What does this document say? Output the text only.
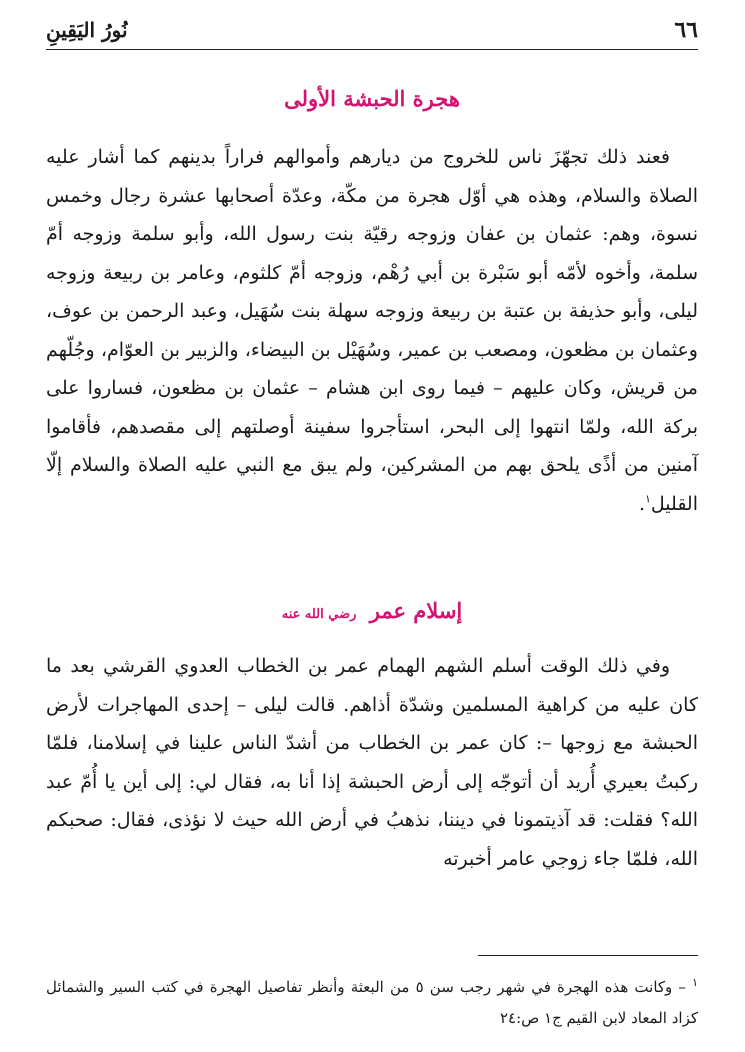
٦٦
نُورُ اليَقِينِ
هجرة الحبشة الأولى

فعند ذلك تجهّزَ ناس للخروج من ديارهم وأموالهم فراراً بدينهم كما أشار عليه الصلاة والسلام، وهذه هي أوّل هجرة من مكّة، وعدّة أصحابها عشرة رجال وخمس نسوة، وهم: عثمان بن عفان وزوجه رقيّة بنت رسول الله، وأبو سلمة وزوجه أمّ سلمة، وأخوه لأمّه أبو سَبْرة بن أبي رُهْم، وزوجه أمّ كلثوم، وعامر بن ربيعة وزوجه ليلى، وأبو حذيفة بن عتبة بن ربيعة وزوجه سهلة بنت سُهَيل، وعبد الرحمن بن عوف، وعثمان بن مظعون، ومصعب بن عمير، وسُهَيْل بن البيضاء، والزبير بن العوّام، وجُلّهم من قريش، وكان عليهم – فيما روى ابن هشام – عثمان بن مظعون، فساروا على بركة الله، ولمّا انتهوا إلى البحر، استأجروا سفينة أوصلتهم إلى مقصدهم، فأقاموا آمنين من أذًى يلحق بهم من المشركين، ولم يبق مع النبي عليه الصلاة والسلام إلّا القليل$^١$.

إسلام عمر رضي الله عنه

وفي ذلك الوقت أسلم الشهم الهمام عمر بن الخطاب العدوي القرشي بعد ما كان عليه من كراهية المسلمين وشدّة أذاهم. قالت ليلى – إحدى المهاجرات لأرض الحبشة مع زوجها –: كان عمر بن الخطاب من أشدّ الناس علينا في إسلامنا، فلمّا ركبتُ بعيري أُريد أن أتوجّه إلى أرض الحبشة إذا أنا به، فقال لي: إلى أين يا أُمّ عبد الله؟ فقلت: قد آذيتمونا في ديننا، نذهبُ في أرض الله حيث لا نؤذى، فقال: صحبكم الله، فلمّا جاء زوجي عامر أخبرته

$^١$ – وكانت هذه الهجرة في شهر رجب سن ٥ من البعثة وأنظر تفاصيل الهجرة في كتب السير والشمائل كزاد المعاد لابن القيم ج١ ص:٢٤
